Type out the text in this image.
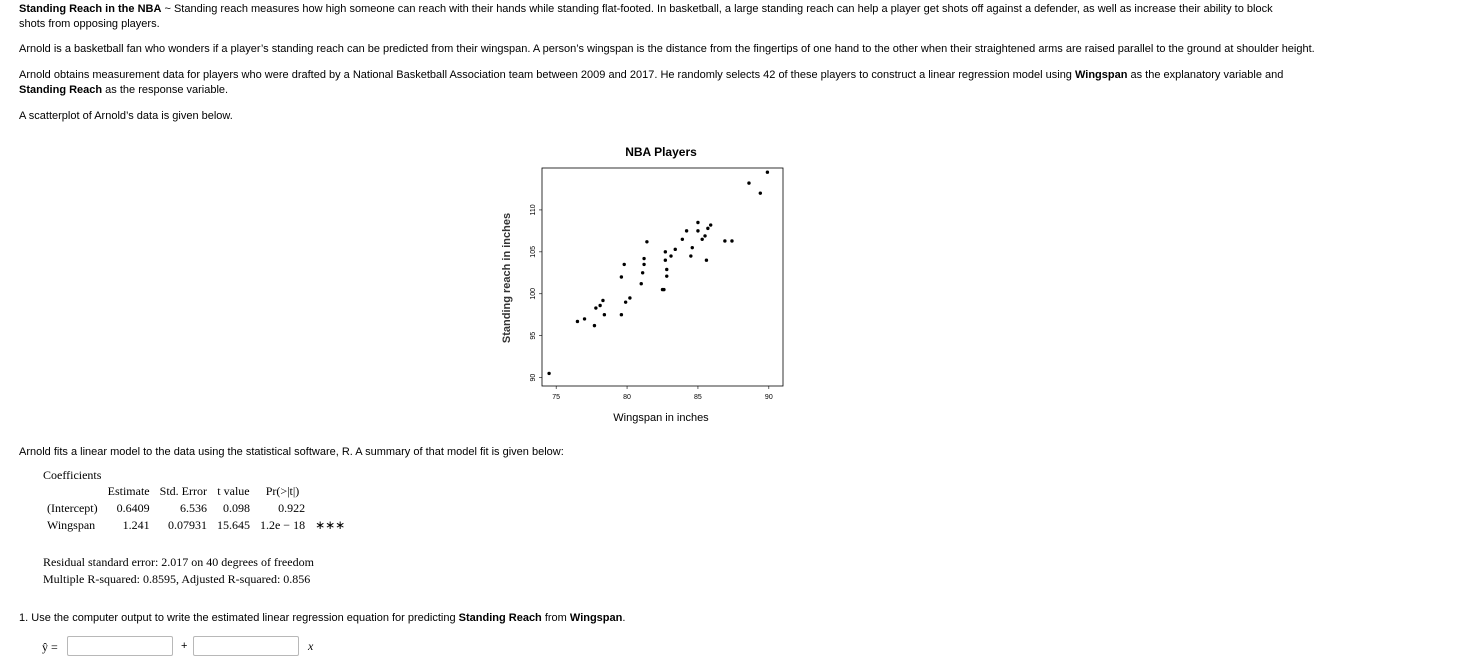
Standing Reach in the NBA ~ Standing reach measures how high someone can reach with their hands while standing flat-footed. In basketball, a large standing reach can help a player get shots off against a defender, as well as increase their ability to block shots from opposing players.

Arnold is a basketball fan who wonders if a player’s standing reach can be predicted from their wingspan. A person’s wingspan is the distance from the fingertips of one hand to the other when their straightened arms are raised parallel to the ground at shoulder height.

Arnold obtains measurement data for players who were drafted by a National Basketball Association team between 2009 and 2017. He randomly selects 42 of these players to construct a linear regression model using Wingspan as the explanatory variable and Standing Reach as the response variable.

A scatterplot of Arnold’s data is given below.

NBA Players
75	80	85	90
90
95
100
105
110
Wingspan in inches
Standing reach in inches

Arnold fits a linear model to the data using the statistical software, R. A summary of that model fit is given below:

Coefficients
	Estimate	Std. Error	t value	Pr(>|t|)	
(Intercept)	0.6409	6.536	0.098	0.922	
Wingspan	1.241	0.07931	15.645	1.2e − 18	∗∗∗
Residual standard error: 2.017 on 40 degrees of freedom
Multiple R-squared: 0.8595, Adjusted R-squared: 0.856

1. Use the computer output to write the estimated linear regression equation for predicting Standing Reach from Wingspan.

ŷ =	+	x
